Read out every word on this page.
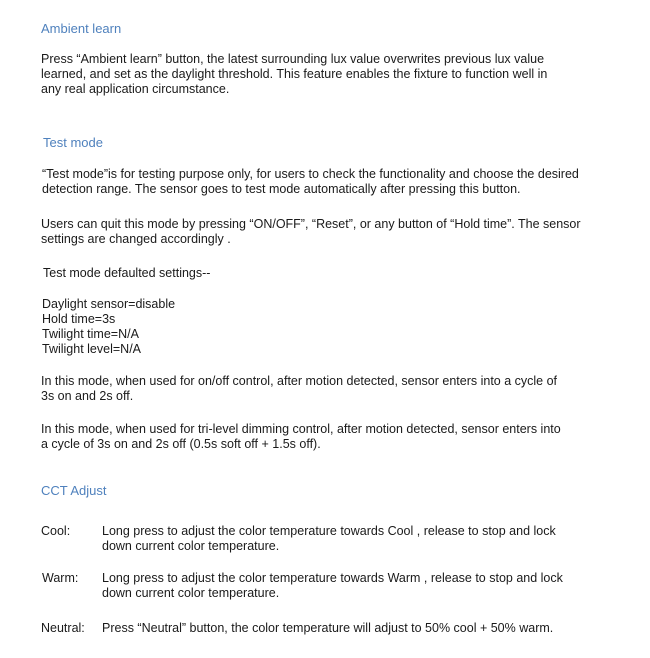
Ambient learn
Press “Ambient learn” button, the latest surrounding lux value overwrites previous lux value
learned, and set as the daylight threshold. This feature enables the fixture to function well in
any real application circumstance.
Test mode
“Test mode”is for testing purpose only, for users to check the functionality and choose the desired
detection range. The sensor goes to test mode automatically after pressing this button.
Users can quit this mode by pressing “ON/OFF”, “Reset”, or any button of “Hold time”. The sensor
settings are changed accordingly .
Test mode defaulted settings--
Daylight sensor=disable
Hold time=3s
Twilight time=N/A
Twilight level=N/A
In this mode, when used for on/off control, after motion detected, sensor enters into a cycle of
3s on and 2s off.
In this mode, when used for tri-level dimming control, after motion detected, sensor enters into
a cycle of 3s on and 2s off (0.5s soft off + 1.5s off).
CCT Adjust
Cool:	Long press to adjust the color temperature towards Cool , release to stop and lock
down current color temperature.
Warm: Long press to adjust the color temperature towards Warm , release to stop and lock
down current color temperature.
Neutral: Press “Neutral” button, the color temperature will adjust to 50% cool + 50% warm.
